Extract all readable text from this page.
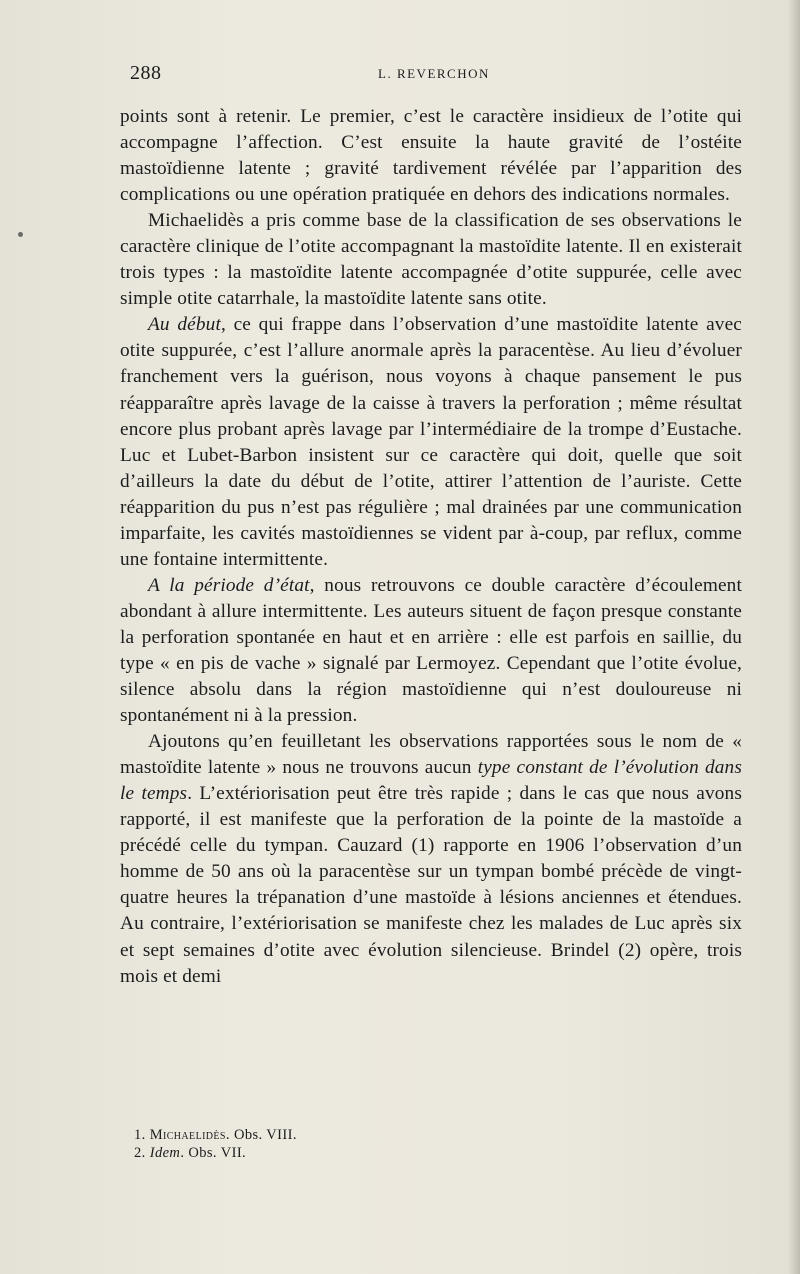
288	L. REVERCHON

points sont à retenir. Le premier, c’est le caractère insidieux de l’otite qui accompagne l’affection. C’est ensuite la haute gravité de l’ostéite mastoïdienne latente ; gravité tardivement révélée par l’apparition des complications ou une opération pratiquée en dehors des indications normales.

Michaelidès a pris comme base de la classification de ses observations le caractère clinique de l’otite accompagnant la mastoïdite latente. Il en existerait trois types : la mastoïdite latente accompagnée d’otite suppurée, celle avec simple otite catarrhale, la mastoïdite latente sans otite.

Au début, ce qui frappe dans l’observation d’une mastoïdite latente avec otite suppurée, c’est l’allure anormale après la paracentèse. Au lieu d’évoluer franchement vers la guérison, nous voyons à chaque pansement le pus réapparaître après lavage de la caisse à travers la perforation ; même résultat encore plus probant après lavage par l’intermédiaire de la trompe d’Eustache. Luc et Lubet-Barbon insistent sur ce caractère qui doit, quelle que soit d’ailleurs la date du début de l’otite, attirer l’attention de l’auriste. Cette réapparition du pus n’est pas régulière ; mal drainées par une communication imparfaite, les cavités mastoïdiennes se vident par à-coup, par reflux, comme une fontaine intermittente.

A la période d’état, nous retrouvons ce double caractère d’écoulement abondant à allure intermittente. Les auteurs situent de façon presque constante la perforation spontanée en haut et en arrière : elle est parfois en saillie, du type « en pis de vache » signalé par Lermoyez. Cependant que l’otite évolue, silence absolu dans la région mastoïdienne qui n’est douloureuse ni spontanément ni à la pression.

Ajoutons qu’en feuilletant les observations rapportées sous le nom de « mastoïdite latente » nous ne trouvons aucun type constant de l’évolution dans le temps. L’extériorisation peut être très rapide ; dans le cas que nous avons rapporté, il est manifeste que la perforation de la pointe de la mastoïde a précédé celle du tympan. Cauzard (1) rapporte en 1906 l’observation d’un homme de 50 ans où la paracentèse sur un tympan bombé précède de vingt-quatre heures la trépanation d’une mastoïde à lésions anciennes et étendues. Au contraire, l’extériorisation se manifeste chez les malades de Luc après six et sept semaines d’otite avec évolution silencieuse. Brindel (2) opère, trois mois et demi

1. Michaelidès. Obs. VIII.

2. Idem. Obs. VII.
